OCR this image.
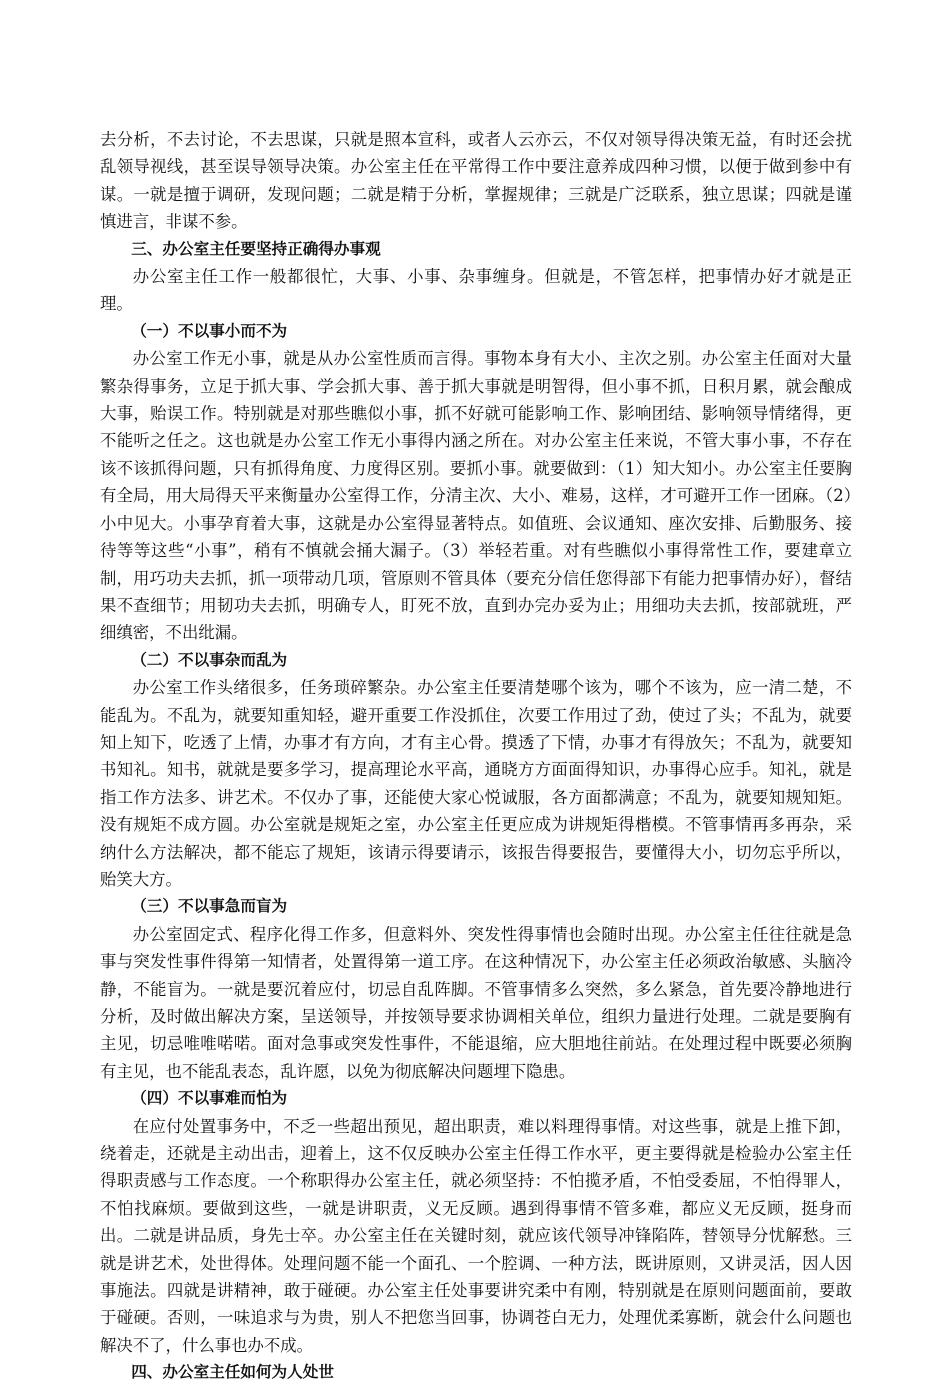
去分析，不去讨论，不去思谋，只就是照本宣科，或者人云亦云，不仅对领导得决策无益，有时还会扰乱领导视线，甚至误导领导决策。办公室主任在平常得工作中要注意养成四种习惯，以便于做到参中有谋。一就是擅于调研，发现问题；二就是精于分析，掌握规律；三就是广泛联系，独立思谋；四就是谨慎进言，非谋不参。

三、办公室主任要坚持正确得办事观

办公室主任工作一般都很忙，大事、小事、杂事缠身。但就是，不管怎样，把事情办好才就是正理。

（一）不以事小而不为

办公室工作无小事，就是从办公室性质而言得。事物本身有大小、主次之别。办公室主任面对大量繁杂得事务，立足于抓大事、学会抓大事、善于抓大事就是明智得，但小事不抓，日积月累，就会酿成大事，贻误工作。特别就是对那些瞧似小事，抓不好就可能影响工作、影响团结、影响领导情绪得，更不能听之任之。这也就是办公室工作无小事得内涵之所在。对办公室主任来说，不管大事小事，不存在该不该抓得问题，只有抓得角度、力度得区别。要抓小事。就要做到：（1）知大知小。办公室主任要胸有全局，用大局得天平来衡量办公室得工作，分清主次、大小、难易，这样，才可避开工作一团麻。（2）小中见大。小事孕育着大事，这就是办公室得显著特点。如值班、会议通知、座次安排、后勤服务、接待等等这些“小事”，稍有不慎就会捅大漏子。（3）举轻若重。对有些瞧似小事得常性工作，要建章立制，用巧功夫去抓，抓一项带动几项，管原则不管具体（要充分信任您得部下有能力把事情办好），督结果不查细节；用韧功夫去抓，明确专人，盯死不放，直到办完办妥为止；用细功夫去抓，按部就班，严细缜密，不出纰漏。

（二）不以事杂而乱为

办公室工作头绪很多，任务琐碎繁杂。办公室主任要清楚哪个该为，哪个不该为，应一清二楚，不能乱为。不乱为，就要知重知轻，避开重要工作没抓住，次要工作用过了劲，使过了头；不乱为，就要知上知下，吃透了上情，办事才有方向，才有主心骨。摸透了下情，办事才有得放矢；不乱为，就要知书知礼。知书，就就是要多学习，提高理论水平高，通晓方方面面得知识，办事得心应手。知礼，就是指工作方法多、讲艺术。不仅办了事，还能使大家心悦诚服，各方面都满意；不乱为，就要知规知矩。没有规矩不成方圆。办公室就是规矩之室，办公室主任更应成为讲规矩得楷模。不管事情再多再杂，采纳什么方法解决，都不能忘了规矩，该请示得要请示，该报告得要报告，要懂得大小，切勿忘乎所以，贻笑大方。

（三）不以事急而盲为

办公室固定式、程序化得工作多，但意料外、突发性得事情也会随时出现。办公室主任往往就是急事与突发性事件得第一知情者，处置得第一道工序。在这种情况下，办公室主任必须政治敏感、头脑冷静，不能盲为。一就是要沉着应付，切忌自乱阵脚。不管事情多么突然，多么紧急，首先要冷静地进行分析，及时做出解决方案，呈送领导，并按领导要求协调相关单位，组织力量进行处理。二就是要胸有主见，切忌唯唯喏喏。面对急事或突发性事件，不能退缩，应大胆地往前站。在处理过程中既要必须胸有主见，也不能乱表态，乱许愿，以免为彻底解决问题埋下隐患。

（四）不以事难而怕为

在应付处置事务中，不乏一些超出预见，超出职责，难以料理得事情。对这些事，就是上推下卸，绕着走，还就是主动出击，迎着上，这不仅反映办公室主任得工作水平，更主要得就是检验办公室主任得职责感与工作态度。一个称职得办公室主任，就必须坚持：不怕揽矛盾，不怕受委屈，不怕得罪人，不怕找麻烦。要做到这些，一就是讲职责，义无反顾。遇到得事情不管多难，都应义无反顾，挺身而出。二就是讲品质，身先士卒。办公室主任在关键时刻，就应该代领导冲锋陷阵，替领导分忧解愁。三就是讲艺术，处世得体。处理问题不能一个面孔、一个腔调、一种方法，既讲原则，又讲灵活，因人因事施法。四就是讲精神，敢于碰硬。办公室主任处事要讲究柔中有刚，特别就是在原则问题面前，要敢于碰硬。否则，一味追求与为贵，别人不把您当回事，协调苍白无力，处理优柔寡断，就会什么问题也解决不了，什么事也办不成。

四、办公室主任如何为人处世
